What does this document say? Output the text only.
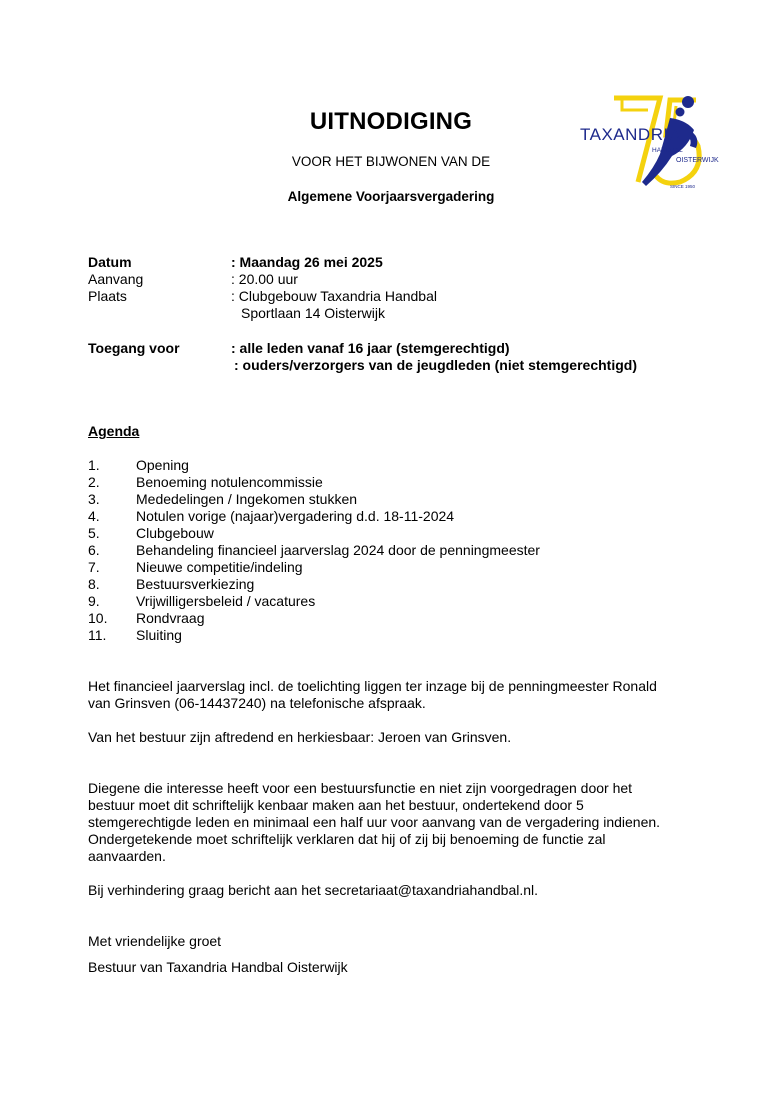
TAXANDRIA
HANDBAL
OISTERWIJK
SINCE 1950
UITNODIGING
VOOR HET BIJWONEN VAN DE
Algemene Voorjaarsvergadering
Datum	: Maandag 26 mei 2025
Aanvang	: 20.00 uur
Plaats	: Clubgebouw Taxandria Handbal
Sportlaan 14 Oisterwijk
Toegang voor	: alle leden vanaf 16 jaar (stemgerechtigd)
: ouders/verzorgers van de jeugdleden (niet stemgerechtigd)
Agenda
1.	Opening
2.	Benoeming notulencommissie
3.	Mededelingen / Ingekomen stukken
4.	Notulen vorige (najaar)vergadering d.d. 18-11-2024
5.	Clubgebouw
6.	Behandeling financieel jaarverslag 2024 door de penningmeester
7.	Nieuwe competitie/indeling
8.	Bestuursverkiezing
9.	Vrijwilligersbeleid / vacatures
10. Rondvraag
11. Sluiting
Het financieel jaarverslag incl. de toelichting liggen ter inzage bij de penningmeester Ronald
van Grinsven (06-14437240) na telefonische afspraak.
Van het bestuur zijn aftredend en herkiesbaar: Jeroen van Grinsven.
Diegene die interesse heeft voor een bestuursfunctie en niet zijn voorgedragen door het
bestuur moet dit schriftelijk kenbaar maken aan het bestuur, ondertekend door 5
stemgerechtigde leden en minimaal een half uur voor aanvang van de vergadering indienen.
Ondergetekende moet schriftelijk verklaren dat hij of zij bij benoeming de functie zal
aanvaarden.
Bij verhindering graag bericht aan het secretariaat@taxandriahandbal.nl.
Met vriendelijke groet
Bestuur van Taxandria Handbal Oisterwijk
